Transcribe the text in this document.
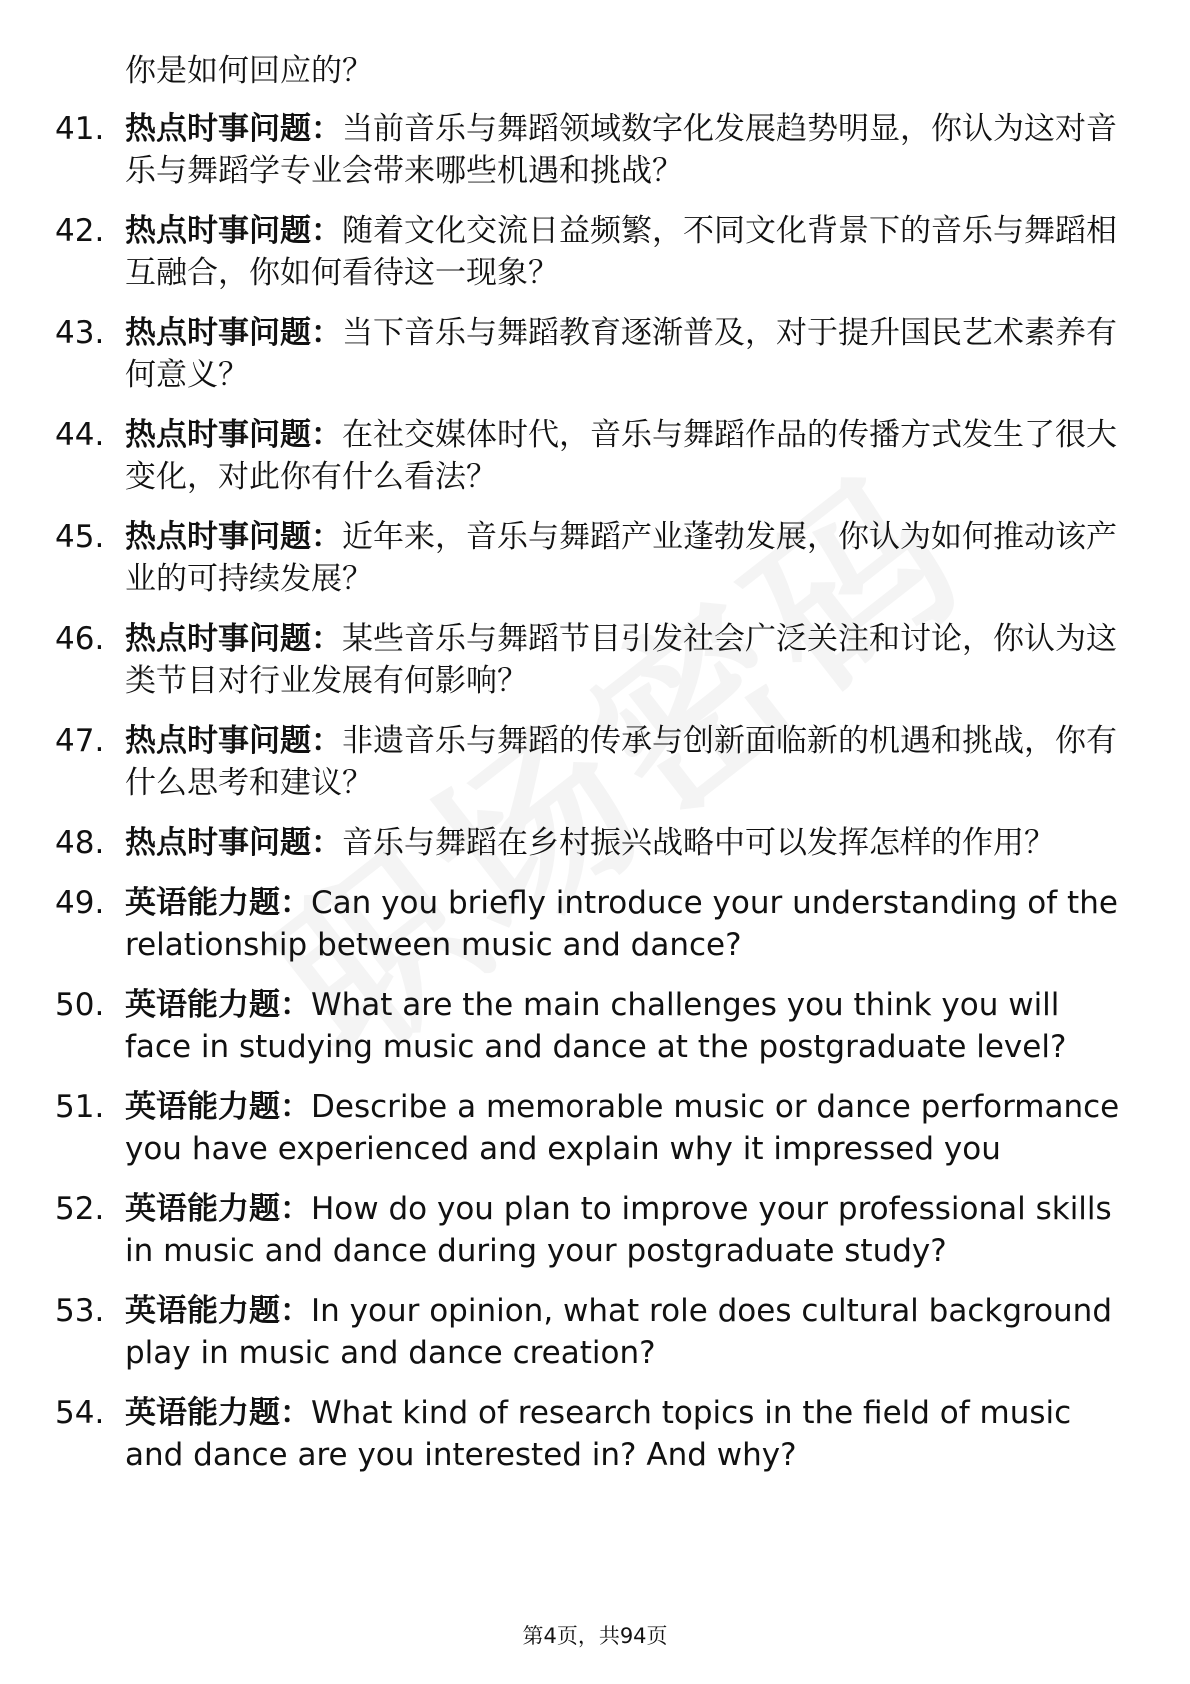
你是如何回应的？
41. 热点时事问题：当前音乐与舞蹈领域数字化发展趋势明显，你认为这对音乐与舞蹈学专业会带来哪些机遇和挑战？
42. 热点时事问题：随着文化交流日益频繁，不同文化背景下的音乐与舞蹈相互融合，你如何看待这一现象？
43. 热点时事问题：当下音乐与舞蹈教育逐渐普及，对于提升国民艺术素养有何意义？
44. 热点时事问题：在社交媒体时代，音乐与舞蹈作品的传播方式发生了很大变化，对此你有什么看法？
45. 热点时事问题：近年来，音乐与舞蹈产业蓬勃发展，你认为如何推动该产业的可持续发展？
46. 热点时事问题：某些音乐与舞蹈节目引发社会广泛关注和讨论，你认为这类节目对行业发展有何影响？
47. 热点时事问题：非遗音乐与舞蹈的传承与创新面临新的机遇和挑战，你有什么思考和建议？
48. 热点时事问题：音乐与舞蹈在乡村振兴战略中可以发挥怎样的作用？
49. 英语能力题：Can you briefly introduce your understanding of the relationship between music and dance?
50. 英语能力题：What are the main challenges you think you will face in studying music and dance at the postgraduate level?
51. 英语能力题：Describe a memorable music or dance performance you have experienced and explain why it impressed you
52. 英语能力题：How do you plan to improve your professional skills in music and dance during your postgraduate study?
53. 英语能力题：In your opinion, what role does cultural background play in music and dance creation?
54. 英语能力题：What kind of research topics in the field of music and dance are you interested in? And why?
第4页，共94页
